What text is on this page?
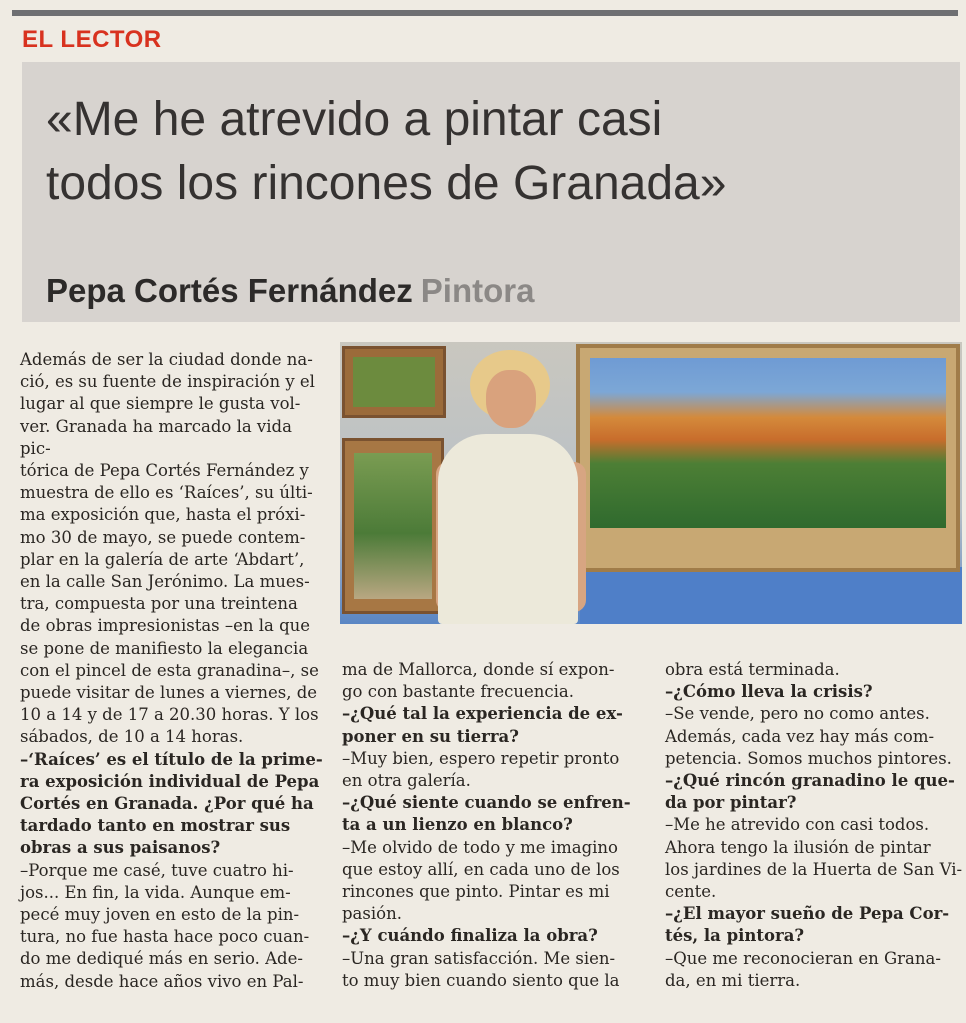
EL LECTOR
«Me he atrevido a pintar casi
todos los rincones de Granada»
Pepa Cortés Fernández Pintora

Además de ser la ciudad donde na-

ció, es su fuente de inspiración y el

lugar al que siempre le gusta vol-

ver. Granada ha marcado la vida pic-

tórica de Pepa Cortés Fernández y

muestra de ello es ‘Raíces’, su últi-

ma exposición que, hasta el próxi-

mo 30 de mayo, se puede contem-

plar en la galería de arte ‘Abdart’,

en la calle San Jerónimo. La mues-

tra, compuesta por una treintena

de obras impresionistas –en la que

se pone de manifiesto la elegancia

con el pincel de esta granadina–, se

puede visitar de lunes a viernes, de

10 a 14 y de 17 a 20.30 horas. Y los

sábados, de 10 a 14 horas.

–‘Raíces’ es el título de la prime-

ra exposición individual de Pepa

Cortés en Granada. ¿Por qué ha

tardado tanto en mostrar sus

obras a sus paisanos?

–Porque me casé, tuve cuatro hi-

jos... En fin, la vida. Aunque em-

pecé muy joven en esto de la pin-

tura, no fue hasta hace poco cuan-

do me dediqué más en serio. Ade-

más, desde hace años vivo en Pal-

ma de Mallorca, donde sí expon-

go con bastante frecuencia.

–¿Qué tal la experiencia de ex-

poner en su tierra?

–Muy bien, espero repetir pronto

en otra galería.

–¿Qué siente cuando se enfren-

ta a un lienzo en blanco?

–Me olvido de todo y me imagino

que estoy allí, en cada uno de los

rincones que pinto. Pintar es mi

pasión.

–¿Y cuándo finaliza la obra?

–Una gran satisfacción. Me sien-

to muy bien cuando siento que la

obra está terminada.

–¿Cómo lleva la crisis?

–Se vende, pero no como antes.

Además, cada vez hay más com-

petencia. Somos muchos pintores.

–¿Qué rincón granadino le que-

da por pintar?

–Me he atrevido con casi todos.

Ahora tengo la ilusión de pintar

los jardines de la Huerta de San Vi-

cente.

–¿El mayor sueño de Pepa Cor-

tés, la pintora?

–Que me reconocieran en Grana-

da, en mi tierra.
